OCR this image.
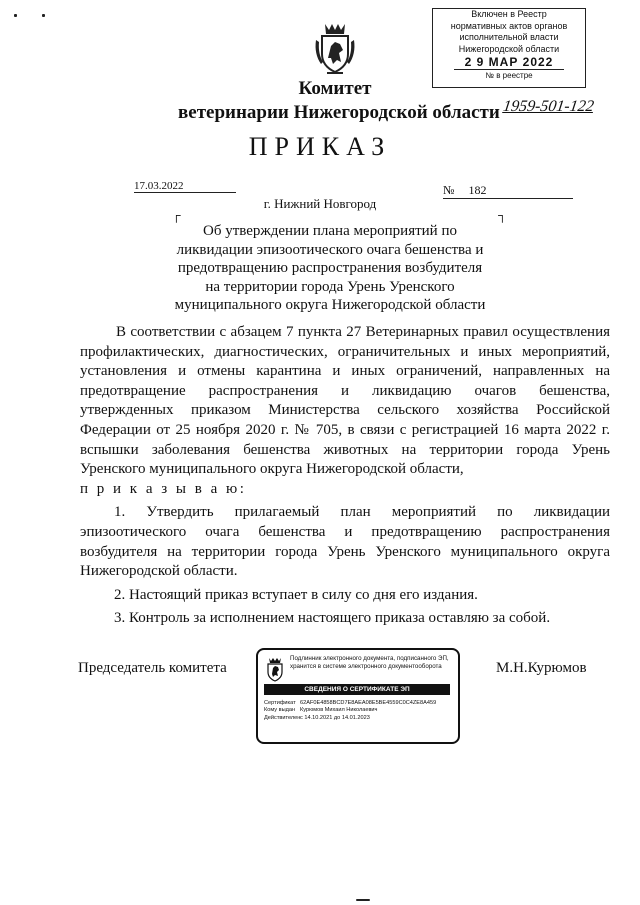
Комитет
ветеринарии Нижегородской области 1959-501-122
Включен в Реестр
нормативных актов органов
исполнительной власти
Нижегородской области
2 9 МАР 2022
№ в реестре
ПРИКАЗ
17.03.2022	№ 182
г. Нижний Новгород
┌	┐
Об утверждении плана мероприятий по
ликвидации эпизоотического очага бешенства и
предотвращению распространения возбудителя
на территории города Урень Уренского
муниципального округа Нижегородской области

В соответствии с абзацем 7 пункта 27 Ветеринарных правил осуществления профилактических, диагностических, ограничительных и иных мероприятий, установления и отмены карантина и иных ограничений, направленных на предотвращение распространения и ликвидацию очагов бешенства, утвержденных приказом Министерства сельского хозяйства Российской Федерации от 25 ноября 2020 г. № 705, в связи с регистрацией 16 марта 2022 г. вспышки заболевания бешенства животных на территории города Урень Уренского муниципального округа Нижегородской области,

п р и к а з ы в а ю:

1. Утвердить прилагаемый план мероприятий по ликвидации эпизоотического очага бешенства и предотвращению распространения возбудителя на территории города Урень Уренского муниципального округа Нижегородской области.

2. Настоящий приказ вступает в силу со дня его издания.

3. Контроль за исполнением настоящего приказа оставляю за собой.

Председатель комитета	М.Н.Курюмов
Подлинник электронного документа, подписанного ЭП,
хранится в системе электронного документооборота
СВЕДЕНИЯ О СЕРТИФИКАТЕ ЭП
Сертификат 62AF0E4858BCD7E8AEA08E5BE4559C0C4ZE8A459
Кому выдан Курюмов Михаил Николаевич
Действителенс 14.10.2021 до 14.01.2023
